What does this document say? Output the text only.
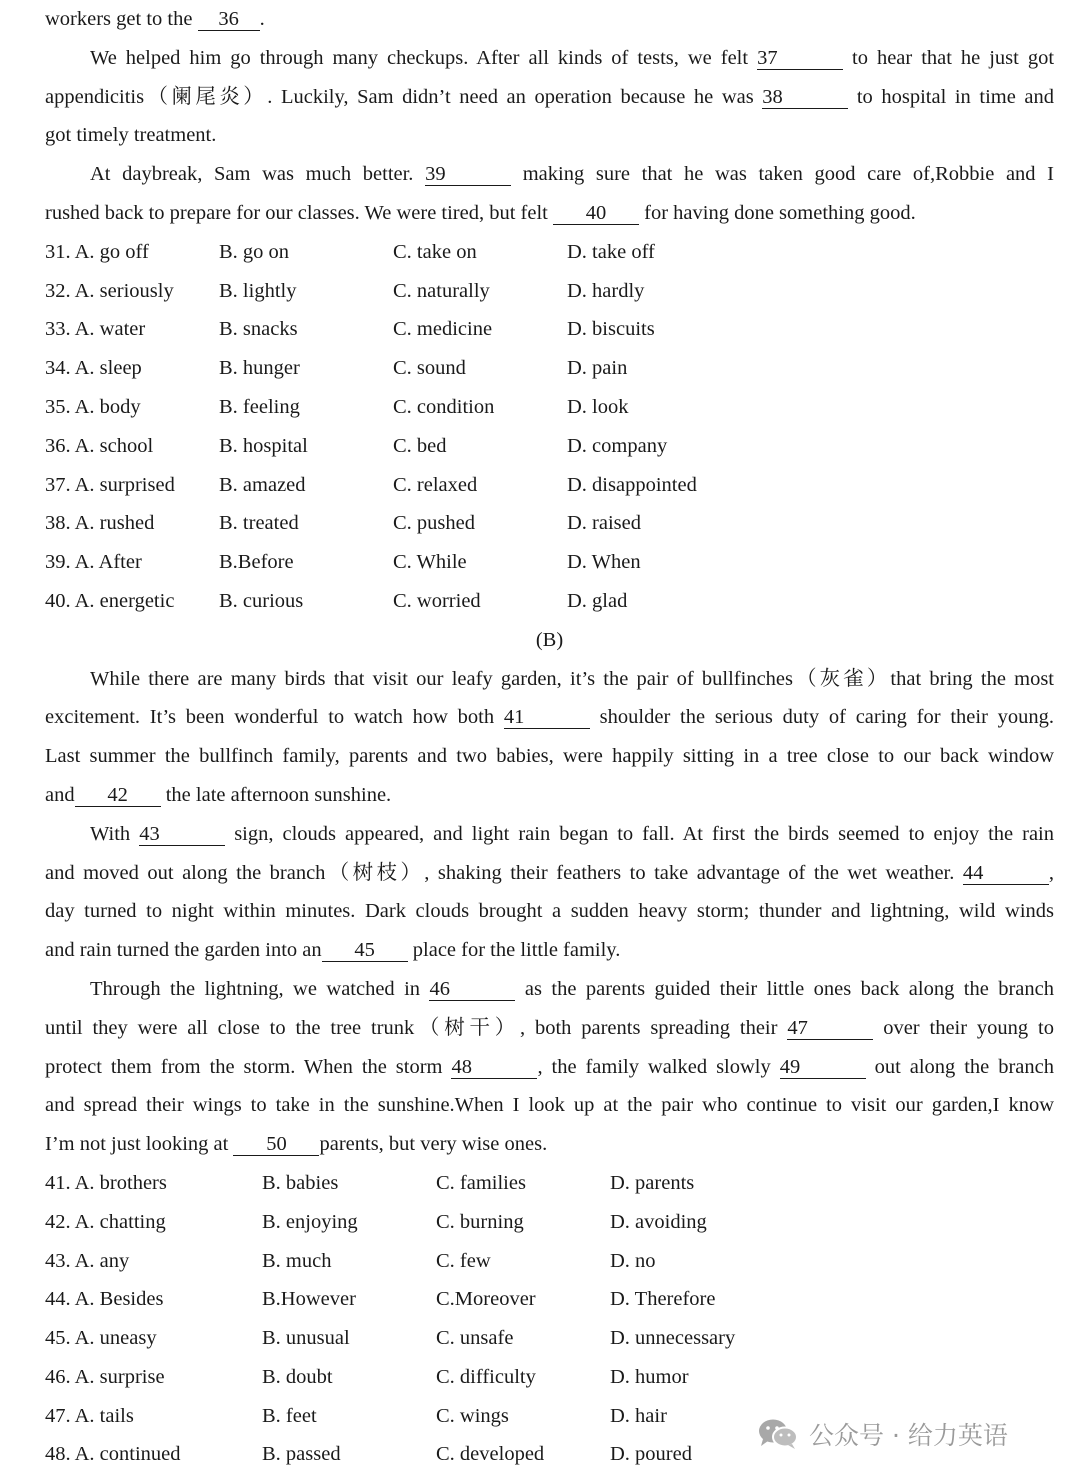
workers get to the 36 .
We helped him go through many checkups. After all kinds of tests, we felt 37	to hear that he just got
appendicitis（阑尾炎）. Luckily, Sam didn’t need an operation because he was 38	to hospital in time and
got timely treatment.
At daybreak, Sam was much better. 39	making sure that he was taken good care of,Robbie and I
rushed back to prepare for our classes. We were tired, but felt 40 for having done something good.
31. A. go off	B. go on	C. take on	D. take off
32. A. seriously B. lightly	C. naturally	D. hardly
33. A. water	B. snacks	C. medicine	D. biscuits
34. A. sleep	B. hunger	C. sound	D. pain
35. A. body	B. feeling	C. condition	D. look
36. A. school	B. hospital	C. bed	D. company
37. A. surprised B. amazed	C. relaxed	D. disappointed
38. A. rushed	B. treated	C. pushed	D. raised
39. A. After	B.Before	C. While	D. When
40. A. energetic B. curious	C. worried	D. glad
(B)
While there are many birds that visit our leafy garden, it’s the pair of bullfinches（灰雀）that bring the most
excitement. It’s been wonderful to watch how both 41	shoulder the serious duty of caring for their young.
Last summer the bullfinch family, parents and two babies, were happily sitting in a tree close to our back window
and 42 the late afternoon sunshine.
With 43	sign, clouds appeared, and light rain began to fall. At first the birds seemed to enjoy the rain
and moved out along the branch（树枝）, shaking their feathers to take advantage of the wet weather. 44	,
day turned to night within minutes. Dark clouds brought a sudden heavy storm; thunder and lightning, wild winds
and rain turned the garden into an 45 place for the little family.
Through the lightning, we watched in 46	as the parents guided their little ones back along the branch
until they were all close to the tree trunk（树干）, both parents spreading their 47	over their young to
protect them from the storm. When the storm 48	, the family walked slowly 49	out along the branch
and spread their wings to take in the sunshine.When I look up at the pair who continue to visit our garden,I know
I’m not just looking at 50 parents, but very wise ones.
41. A. brothers	B. babies	C. families	D. parents
42. A. chatting	B. enjoying	C. burning	D. avoiding
43. A. any	B. much	C. few	D. no
44. A. Besides	B.However	C.Moreover	D. Therefore
45. A. uneasy	B. unusual	C. unsafe	D. unnecessary
46. A. surprise	B. doubt	C. difficulty	D. humor
47. A. tails	B. feet	C. wings	D. hair
48. A. continued	B. passed	C. developed	D. poured
公众号 · 给力英语
